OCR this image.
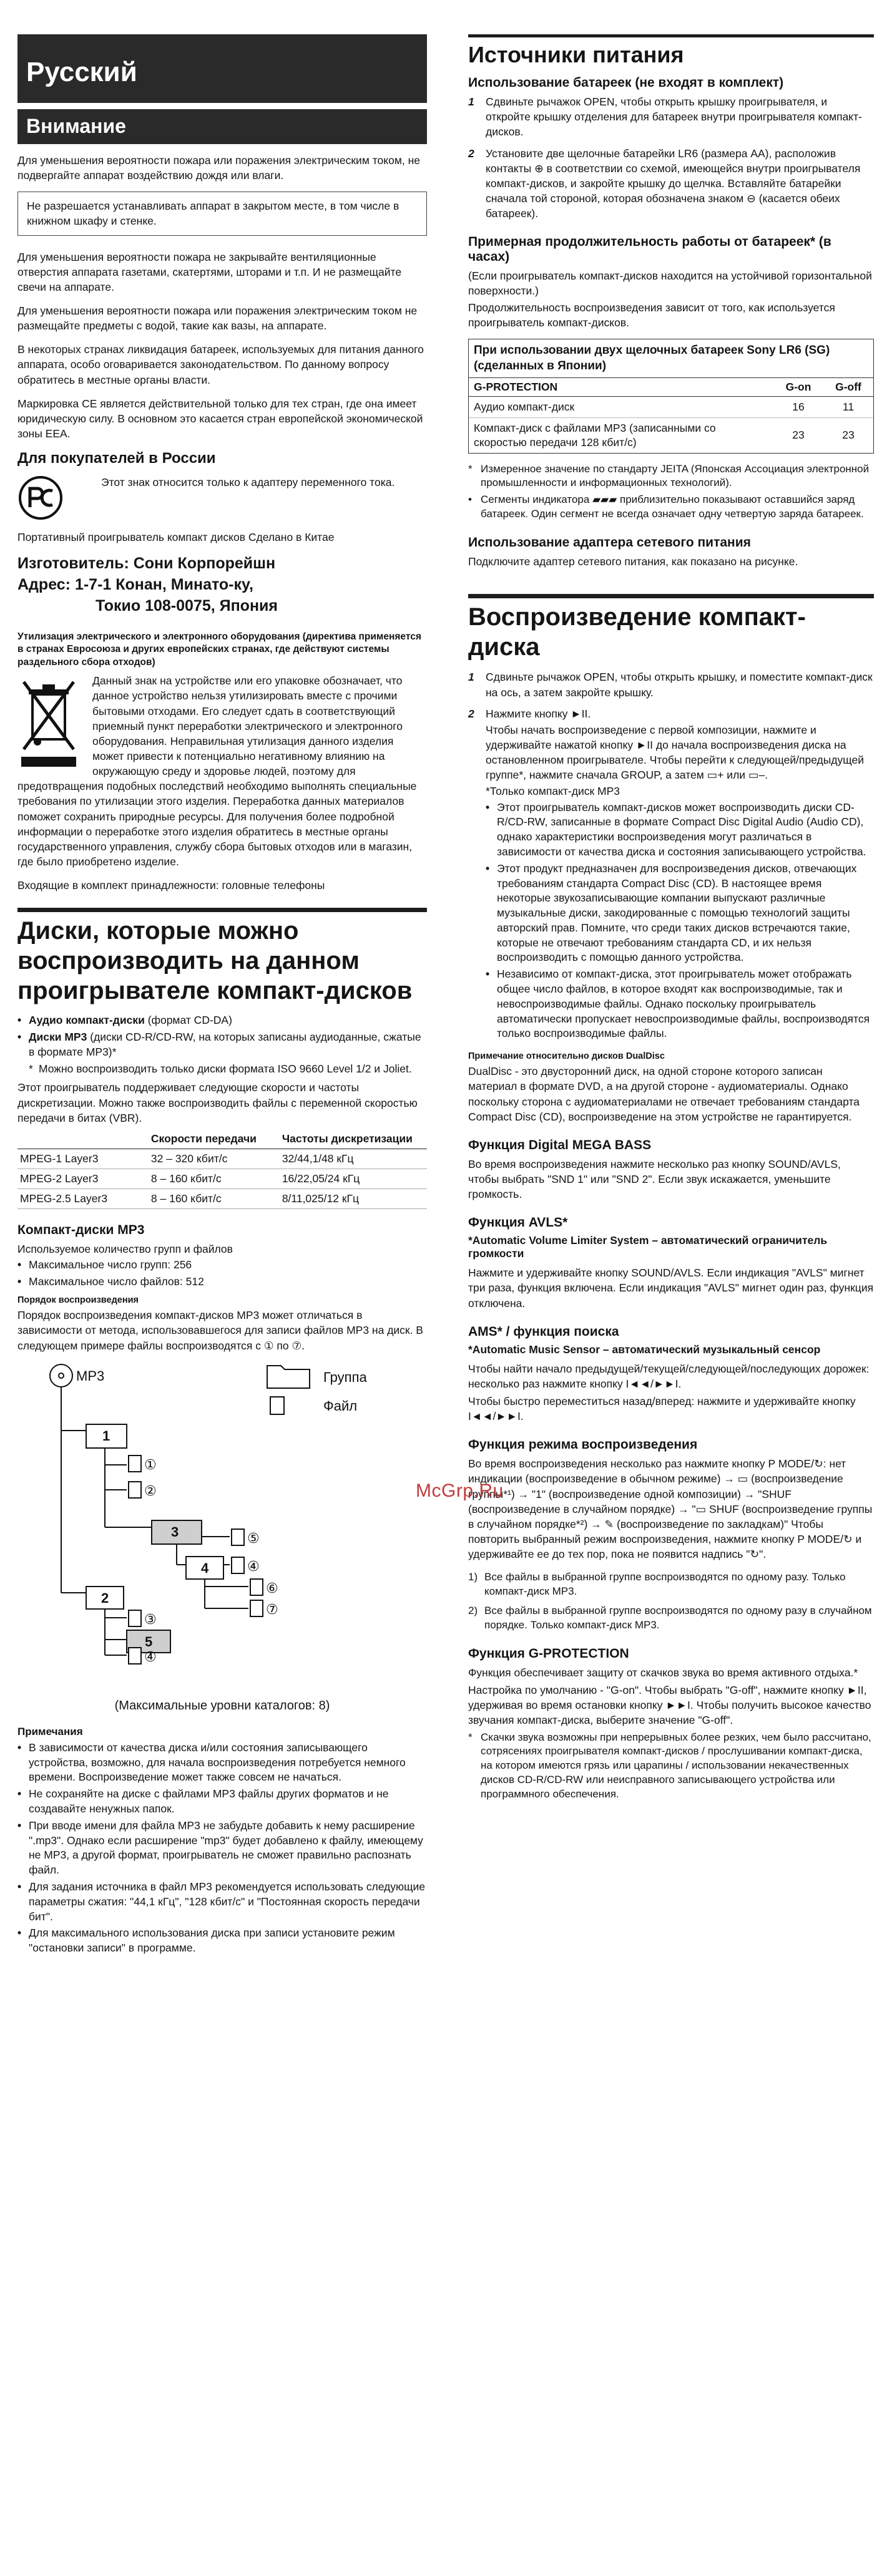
Русский
Внимание

Для уменьшения вероятности пожара или поражения электрическим током, не подвергайте аппарат воздействию дождя или влаги.

Не разрешается устанавливать аппарат в закрытом месте, в том числе в книжном шкафу и стенке.

Для уменьшения вероятности пожара не закрывайте вентиляционные отверстия аппарата газетами, скатертями, шторами и т.п. И не размещайте свечи на аппарате.

Для уменьшения вероятности пожара или поражения электрическим током не размещайте предметы с водой, такие как вазы, на аппарате.

В некоторых странах ликвидация батареек, используемых для питания данного аппарата, особо оговаривается законодательством. По данному вопросу обратитесь в местные органы власти.

Маркировка CE является действительной только для тех стран, где она имеет юридическую силу. В основном это касается стран европейской экономической зоны ЕЕА.

Для покупателей в России

Этот знак относится только к адаптеру переменного тока.

Портативный проигрыватель компакт дисков Сделано в Китае

Изготовитель: Сони Корпорейшн
Адрес: 1-7-1 Конан, Минато-ку,
Токио 108-0075, Япония
Утилизация электрического и электронного оборудования (директива применяется в странах Евросоюза и других европейских странах, где действуют системы раздельного сбора отходов)

Данный знак на устройстве или его упаковке обозначает, что данное устройство нельзя утилизировать вместе с прочими бытовыми отходами. Его следует сдать в соответствующий приемный пункт переработки электрического и электронного оборудования. Неправильная утилизация данного изделия может привести к потенциально негативному влиянию на окружающую среду и здоровье людей, поэтому для предотвращения подобных последствий необходимо выполнять специальные требования по утилизации этого изделия. Переработка данных материалов поможет сохранить природные ресурсы. Для получения более подробной информации о переработке этого изделия обратитесь в местные органы государственного управления, службу сбора бытовых отходов или в магазин, где было приобретено изделие.

Входящие в комплект принадлежности: головные телефоны

Диски, которые можно воспроизводить на данном проигрывателе компакт-дисков
• Аудио компакт-диски (формат CD-DA)
• Диски MP3 (диски CD-R/CD-RW, на которых записаны аудиоданные, сжатые в формате MP3)*
* Можно воспроизводить только диски формата ISO 9660 Level 1/2 и Joliet.

Этот проигрыватель поддерживает следующие скорости и частоты дискретизации. Можно также воспроизводить файлы с переменной скоростью передачи в битах (VBR).

	Скорости передачи	Частоты дискретизации
MPEG-1 Layer3	32 – 320 кбит/с	32/44,1/48 кГц
MPEG-2 Layer3	8 – 160 кбит/с	16/22,05/24 кГц
MPEG-2.5 Layer3	8 – 160 кбит/с	8/11,025/12 кГц
Компакт-диски MP3

Используемое количество групп и файлов

• Максимальное число групп: 256
• Максимальное число файлов: 512
Порядок воспроизведения

Порядок воспроизведения компакт-дисков MP3 может отличаться в зависимости от метода, использовавшегося для записи файлов MP3 на диск. В следующем примере файлы воспроизводятся с ① по ⑦.

1
3
4
2
5
①
②
⑤
④
⑥
⑦
③
④
MP3	Группа
Файл
(Максимальные уровни каталогов: 8)
Примечания
• В зависимости от качества диска и/или состояния записывающего устройства, возможно, для начала воспроизведения потребуется немного времени. Воспроизведение может также совсем не начаться.
• Не сохраняйте на диске с файлами MP3 файлы других форматов и не создавайте ненужных папок.
• При вводе имени для файла MP3 не забудьте добавить к нему расширение ".mp3". Однако если расширение "mp3" будет добавлено к файлу, имеющему не MP3, а другой формат, проигрыватель не сможет правильно распознать файл.
• Для задания источника в файл MP3 рекомендуется использовать следующие параметры сжатия: "44,1 кГц", "128 кбит/с" и "Постоянная скорость передачи бит".
• Для максимального использования диска при записи установите режим "остановки записи" в программе.
Источники питания
Использование батареек (не входят в комплект)
1	Сдвиньте рычажок OPEN, чтобы открыть крышку проигрывателя, и откройте крышку отделения для батареек внутри проигрывателя компакт-дисков.
2	Установите две щелочные батарейки LR6 (размера AA), расположив контакты ⊕ в соответствии со схемой, имеющейся внутри проигрывателя компакт-дисков, и закройте крышку до щелчка. Вставляйте батарейки сначала той стороной, которая обозначена знаком ⊖ (касается обеих батареек).
Примерная продолжительность работы от батареек* (в часах)

(Если проигрыватель компакт-дисков находится на устойчивой горизонтальной поверхности.)

Продолжительность воспроизведения зависит от того, как используется проигрыватель компакт-дисков.

При использовании двух щелочных батареек Sony LR6 (SG) (сделанных в Японии)
G-PROTECTION	G-on	G-off
Аудио компакт-диск	16	11
Компакт-диск с файлами MP3 (записанными со скоростью передачи 128 кбит/с)	23	23
* Измеренное значение по стандарту JEITA (Японская Ассоциация электронной промышленности и информационных технологий).
• Сегменты индикатора ▰▰▰ приблизительно показывают оставшийся заряд батареек. Один сегмент не всегда означает одну четвертую заряда батареек.
Использование адаптера сетевого питания

Подключите адаптер сетевого питания, как показано на рисунке.

Воспроизведение компакт-диска
1	Сдвиньте рычажок OPEN, чтобы открыть крышку, и поместите компакт-диск на ось, а затем закройте крышку.
2	Нажмите кнопку ►II.

Чтобы начать воспроизведение с первой композиции, нажмите и удерживайте нажатой кнопку ►II до начала воспроизведения диска на остановленном проигрывателе. Чтобы перейти к следующей/предыдущей группе*, нажмите сначала GROUP, а затем ▭+ или ▭–.

*Только компакт-диск MP3

• Этот проигрыватель компакт-дисков может воспроизводить диски CD-R/CD-RW, записанные в формате Compact Disc Digital Audio (Audio CD), однако характеристики воспроизведения могут различаться в зависимости от качества диска и состояния записывающего устройства.
• Этот продукт предназначен для воспроизведения дисков, отвечающих требованиям стандарта Compact Disc (CD). В настоящее время некоторые звукозаписывающие компании выпускают различные музыкальные диски, закодированные с помощью технологий защиты авторский прав. Помните, что среди таких дисков встречаются такие, которые не отвечают требованиям стандарта CD, и их нельзя воспроизводить с помощью данного устройства.
• Независимо от компакт-диска, этот проигрыватель может отображать общее число файлов, в которое входят как воспроизводимые, так и невоспроизводимые файлы. Однако поскольку проигрыватель автоматически пропускает невоспроизводимые файлы, воспроизводятся только воспроизводимые файлы.
Примечание относительно дисков DualDisc

DualDisc - это двусторонний диск, на одной стороне которого записан материал в формате DVD, а на другой стороне - аудиоматериалы. Однако поскольку сторона с аудиоматериалами не отвечает требованиям стандарта Compact Disc (CD), воспроизведение на этом устройстве не гарантируется.

Функция Digital MEGA BASS

Во время воспроизведения нажмите несколько раз кнопку SOUND/AVLS, чтобы выбрать "SND 1" или "SND 2". Если звук искажается, уменьшите громкость.

Функция AVLS*
*Automatic Volume Limiter System – автоматический ограничитель громкости

Нажмите и удерживайте кнопку SOUND/AVLS. Если индикация "AVLS" мигнет три раза, функция включена. Если индикация "AVLS" мигнет один раз, функция отключена.

AMS* / функция поиска
*Automatic Music Sensor – автоматический музыкальный сенсор

Чтобы найти начало предыдущей/текущей/следующей/последующих дорожек: несколько раз нажмите кнопку I◄◄/►►I.

Чтобы быстро переместиться назад/вперед: нажмите и удерживайте кнопку I◄◄/►►I.

Функция режима воспроизведения

Во время воспроизведения несколько раз нажмите кнопку P MODE/↻: нет индикации (воспроизведение в обычном режиме) → ▭ (воспроизведение группы*¹) → "1" (воспроизведение одной композиции) → "SHUF (воспроизведение в случайном порядке) → "▭ SHUF (воспроизведение группы в случайном порядке*²) → ✎ (воспроизведение по закладкам)" Чтобы повторить выбранный режим воспроизведения, нажмите кнопку P MODE/↻ и удерживайте ее до тех пор, пока не появится надпись "↻".

1) Все файлы в выбранной группе воспроизводятся по одному разу. Только компакт-диск MP3.
2) Все файлы в выбранной группе воспроизводятся по одному разу в случайном порядке. Только компакт-диск MP3.
Функция G-PROTECTION

Функция обеспечивает защиту от скачков звука во время активного отдыха.*

Настройка по умолчанию - "G-on". Чтобы выбрать "G-off", нажмите кнопку ►II, удерживая во время остановки кнопку ►►I. Чтобы получить высокое качество звучания компакт-диска, выберите значение "G-off".

* Скачки звука возможны при непрерывных более резких, чем было рассчитано, сотрясениях проигрывателя компакт-дисков / прослушивании компакт-диска, на котором имеются грязь или царапины / использовании некачественных дисков CD-R/CD-RW или неисправного записывающего устройства или программного обеспечения.
McGrp.Ru
